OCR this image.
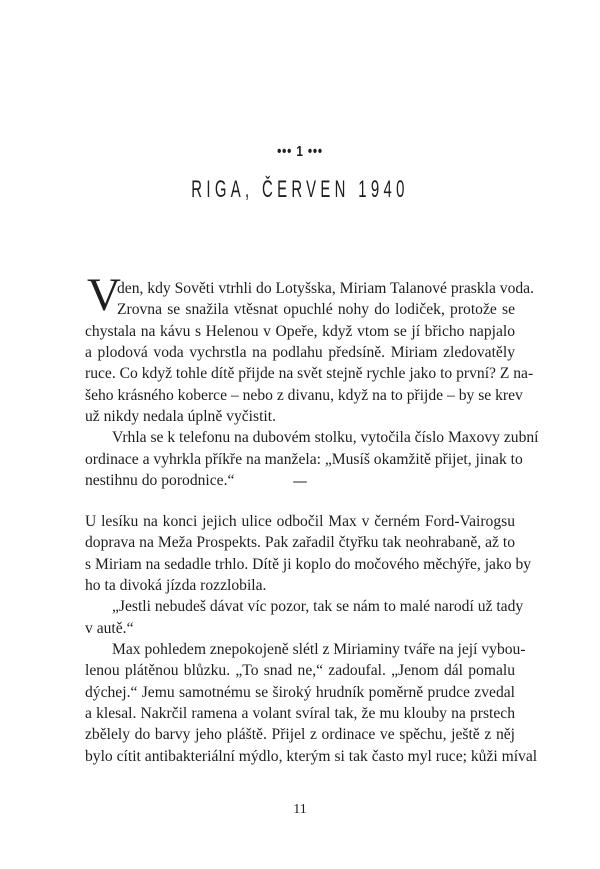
••• 1 •••
RIGA, ČERVEN 1940
V
den, kdy Sověti vtrhli do Lotyšska, Miriam Talanové praskla voda.
Zrovna se snažila vtěsnat opuchlé nohy do lodiček, protože se
chystala na kávu s Helenou v Opeře, když vtom se jí břicho napjalo
a plodová voda vychrstla na podlahu předsíně. Miriam zledovatěly
ruce. Co když tohle dítě přijde na svět stejně rychle jako to první? Z na-
šeho krásného koberce – nebo z divanu, když na to přijde – by se krev
už nikdy nedala úplně vyčistit.
Vrhla se k telefonu na dubovém stolku, vytočila číslo Maxovy zubní
ordinace a vyhrkla příkře na manžela: „Musíš okamžitě přijet, jinak to
nestihnu do porodnice.“
U lesíku na konci jejich ulice odbočil Max v černém Ford-Vairogsu
doprava na Meža Prospekts. Pak zařadil čtyřku tak neohrabaně, až to
s Miriam na sedadle trhlo. Dítě ji koplo do močového měchýře, jako by
ho ta divoká jízda rozzlobila.
„Jestli nebudeš dávat víc pozor, tak se nám to malé narodí už tady
v autě.“
Max pohledem znepokojeně slétl z Miriaminy tváře na její vybou-
lenou plátěnou blůzku. „To snad ne,“ zadoufal. „Jenom dál pomalu
dýchej.“ Jemu samotnému se široký hrudník poměrně prudce zvedal
a klesal. Nakrčil ramena a volant svíral tak, že mu klouby na prstech
zbělely do barvy jeho pláště. Přijel z ordinace ve spěchu, ještě z něj
bylo cítit antibakteriální mýdlo, kterým si tak často myl ruce; kůži míval
—
11
